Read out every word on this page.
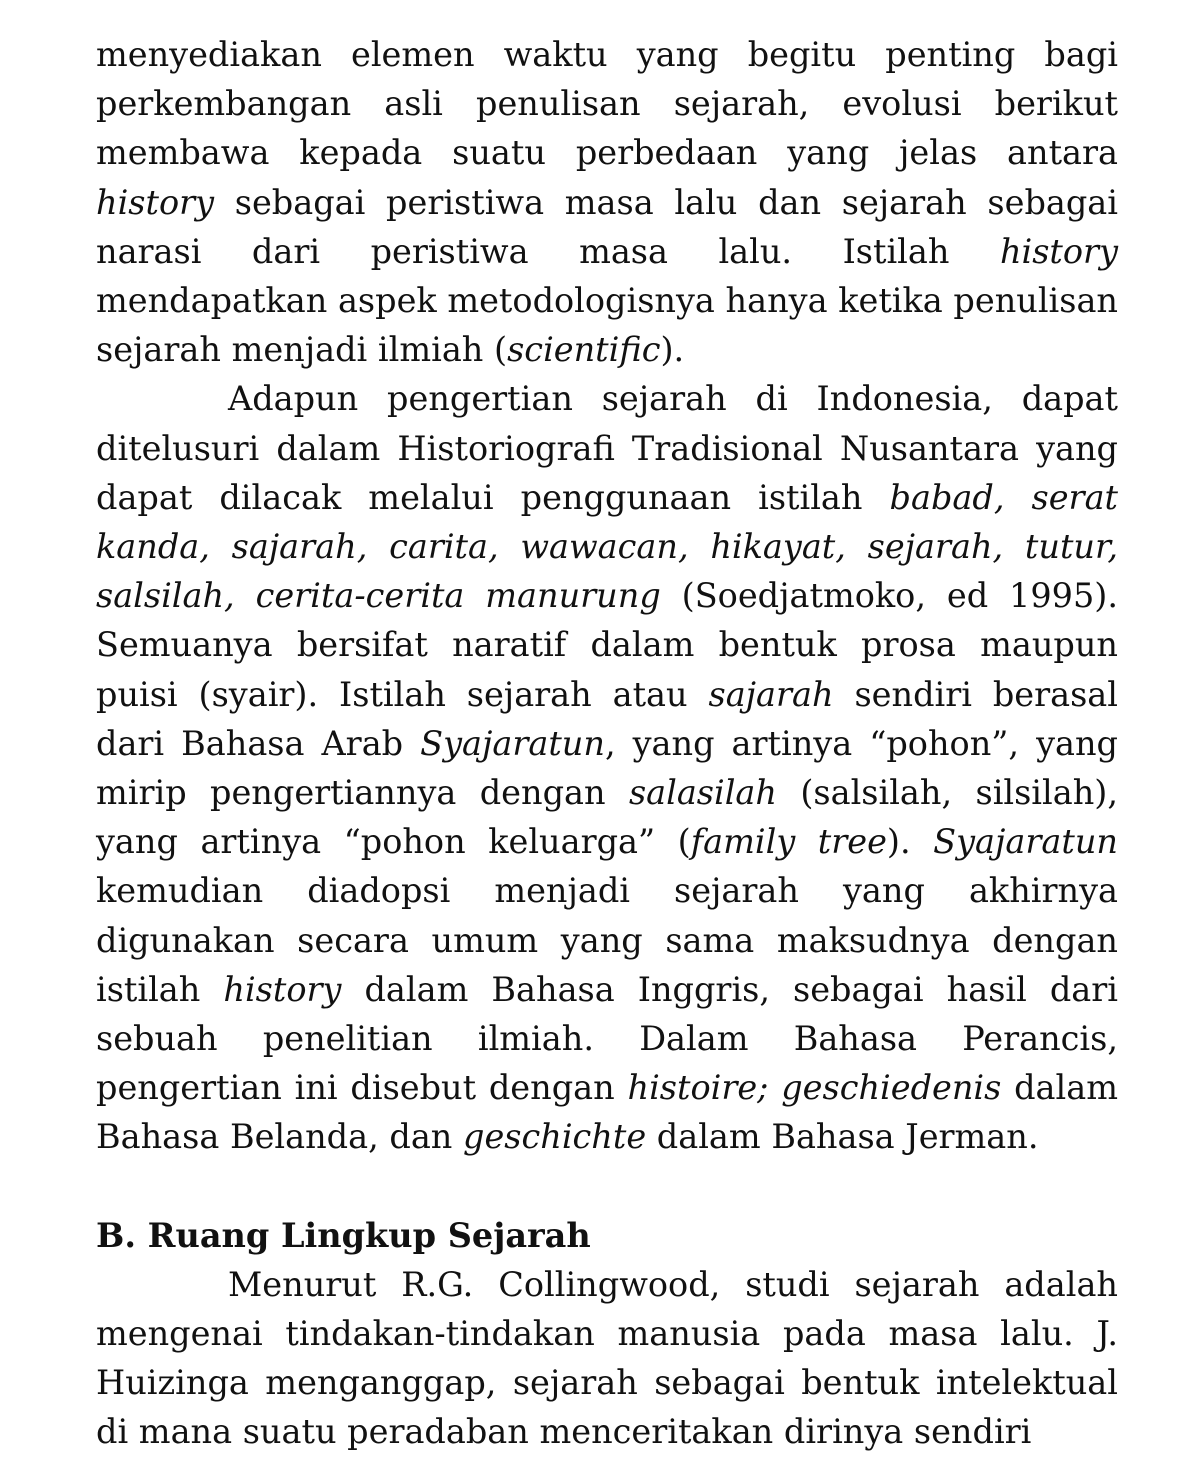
menyediakan elemen waktu yang begitu penting bagi perkembangan asli penulisan sejarah, evolusi berikut membawa kepada suatu perbedaan yang jelas antara history sebagai peristiwa masa lalu dan sejarah sebagai narasi dari peristiwa masa lalu. Istilah history mendapatkan aspek metodologisnya hanya ketika penulisan sejarah menjadi ilmiah (scientific).

Adapun pengertian sejarah di Indonesia, dapat ditelusuri dalam Historiografi Tradisional Nusantara yang dapat dilacak melalui penggunaan istilah babad, serat kanda, sajarah, carita, wawacan, hikayat, sejarah, tutur, salsilah, cerita-cerita manurung (Soedjatmoko, ed 1995). Semuanya bersifat naratif dalam bentuk prosa maupun puisi (syair). Istilah sejarah atau sajarah sendiri berasal dari Bahasa Arab Syajaratun, yang artinya “pohon”, yang mirip pengertiannya dengan salasilah (salsilah, silsilah), yang artinya “pohon keluarga” (family tree). Syajaratun kemudian diadopsi menjadi sejarah yang akhirnya digunakan secara umum yang sama maksudnya dengan istilah history dalam Bahasa Inggris, sebagai hasil dari sebuah penelitian ilmiah. Dalam Bahasa Perancis, pengertian ini disebut dengan histoire; geschiedenis dalam Bahasa Belanda, dan geschichte dalam Bahasa Jerman.

B. Ruang Lingkup Sejarah

Menurut R.G. Collingwood, studi sejarah adalah mengenai tindakan-tindakan manusia pada masa lalu. J. Huizinga menganggap, sejarah sebagai bentuk intelektual di mana suatu peradaban menceritakan dirinya sendiri
